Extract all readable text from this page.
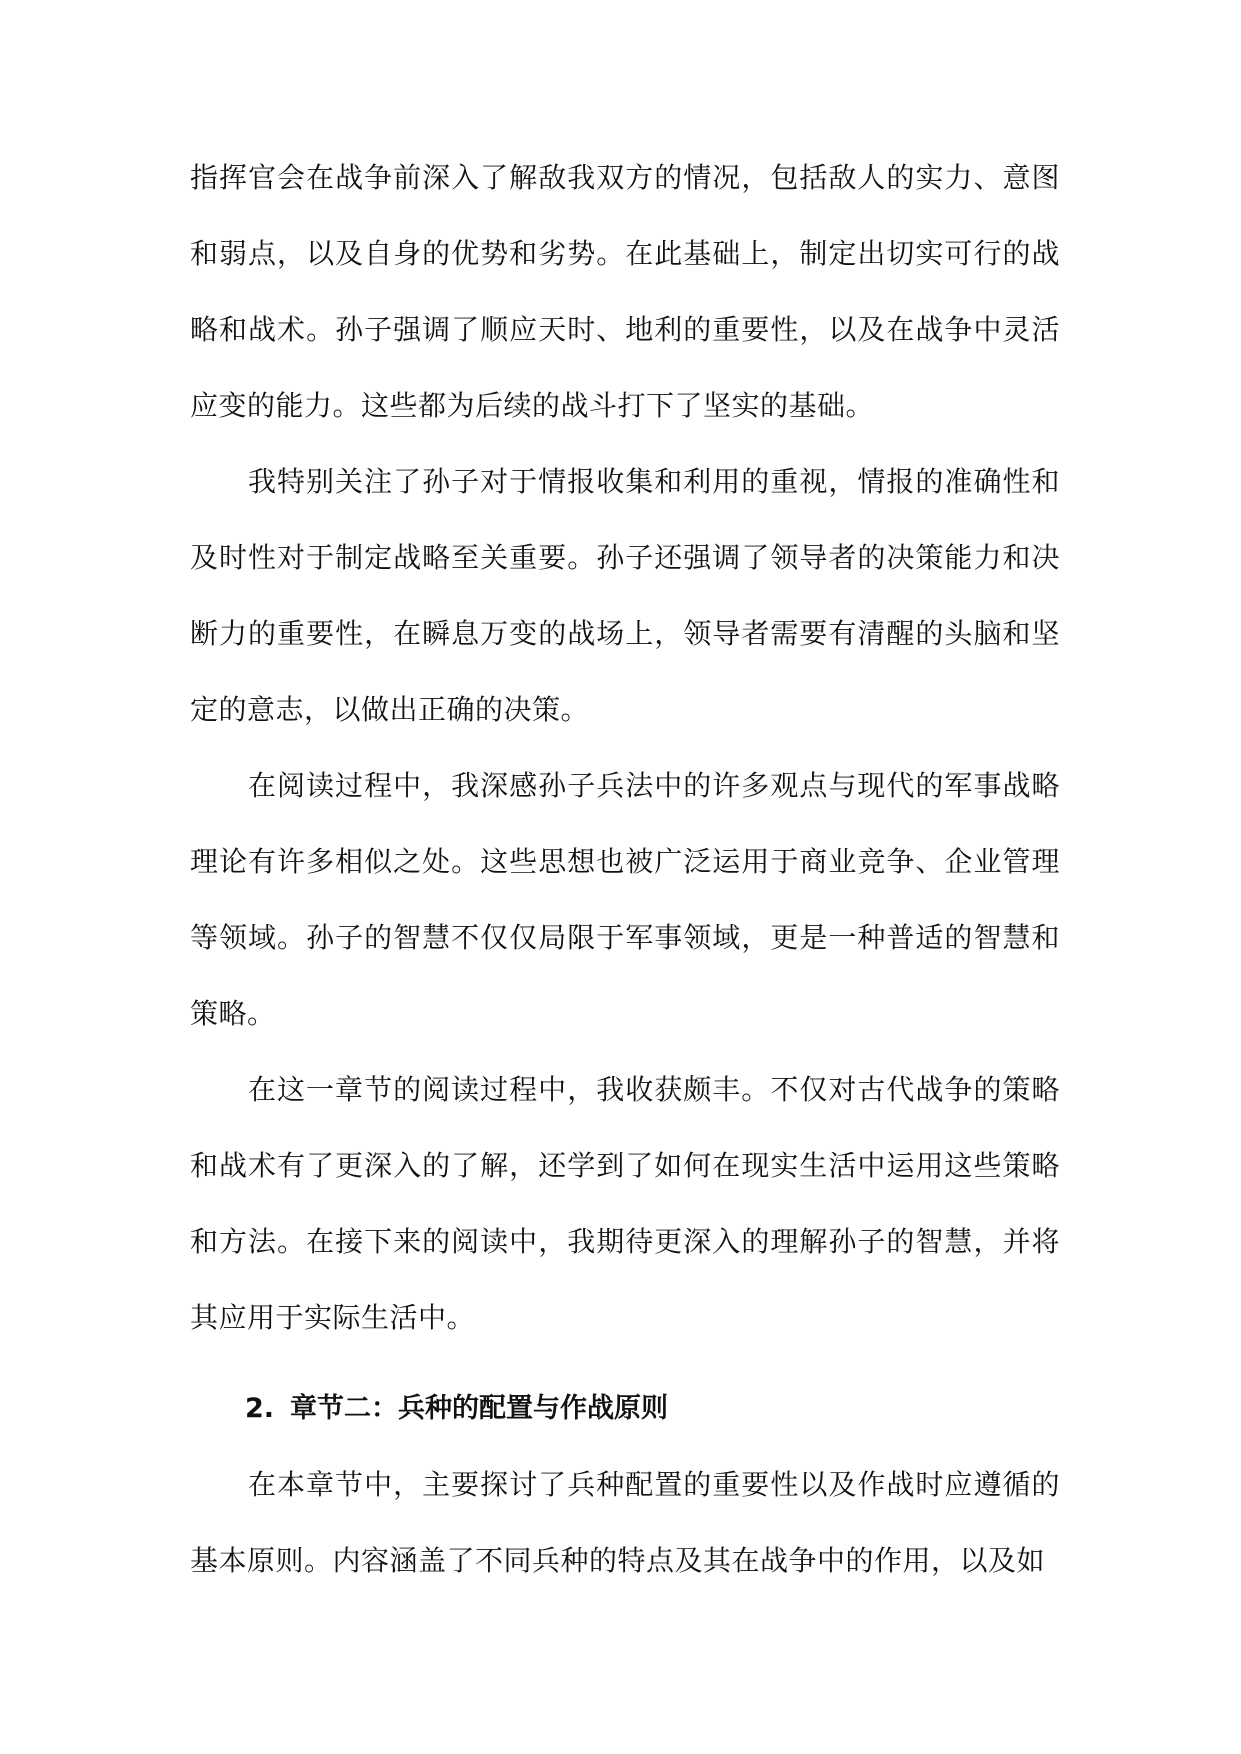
指挥官会在战争前深入了解敌我双方的情况，包括敌人的实力、意图和弱点，以及自身的优势和劣势。在此基础上，制定出切实可行的战略和战术。孙子强调了顺应天时、地利的重要性，以及在战争中灵活应变的能力。这些都为后续的战斗打下了坚实的基础。

我特别关注了孙子对于情报收集和利用的重视，情报的准确性和及时性对于制定战略至关重要。孙子还强调了领导者的决策能力和决断力的重要性，在瞬息万变的战场上，领导者需要有清醒的头脑和坚定的意志，以做出正确的决策。

在阅读过程中，我深感孙子兵法中的许多观点与现代的军事战略理论有许多相似之处。这些思想也被广泛运用于商业竞争、企业管理等领域。孙子的智慧不仅仅局限于军事领域，更是一种普适的智慧和策略。

在这一章节的阅读过程中，我收获颇丰。不仅对古代战争的策略和战术有了更深入的了解，还学到了如何在现实生活中运用这些策略和方法。在接下来的阅读中，我期待更深入的理解孙子的智慧，并将其应用于实际生活中。

2. 章节二：兵种的配置与作战原则

在本章节中，主要探讨了兵种配置的重要性以及作战时应遵循的基本原则。内容涵盖了不同兵种的特点及其在战争中的作用，以及如
